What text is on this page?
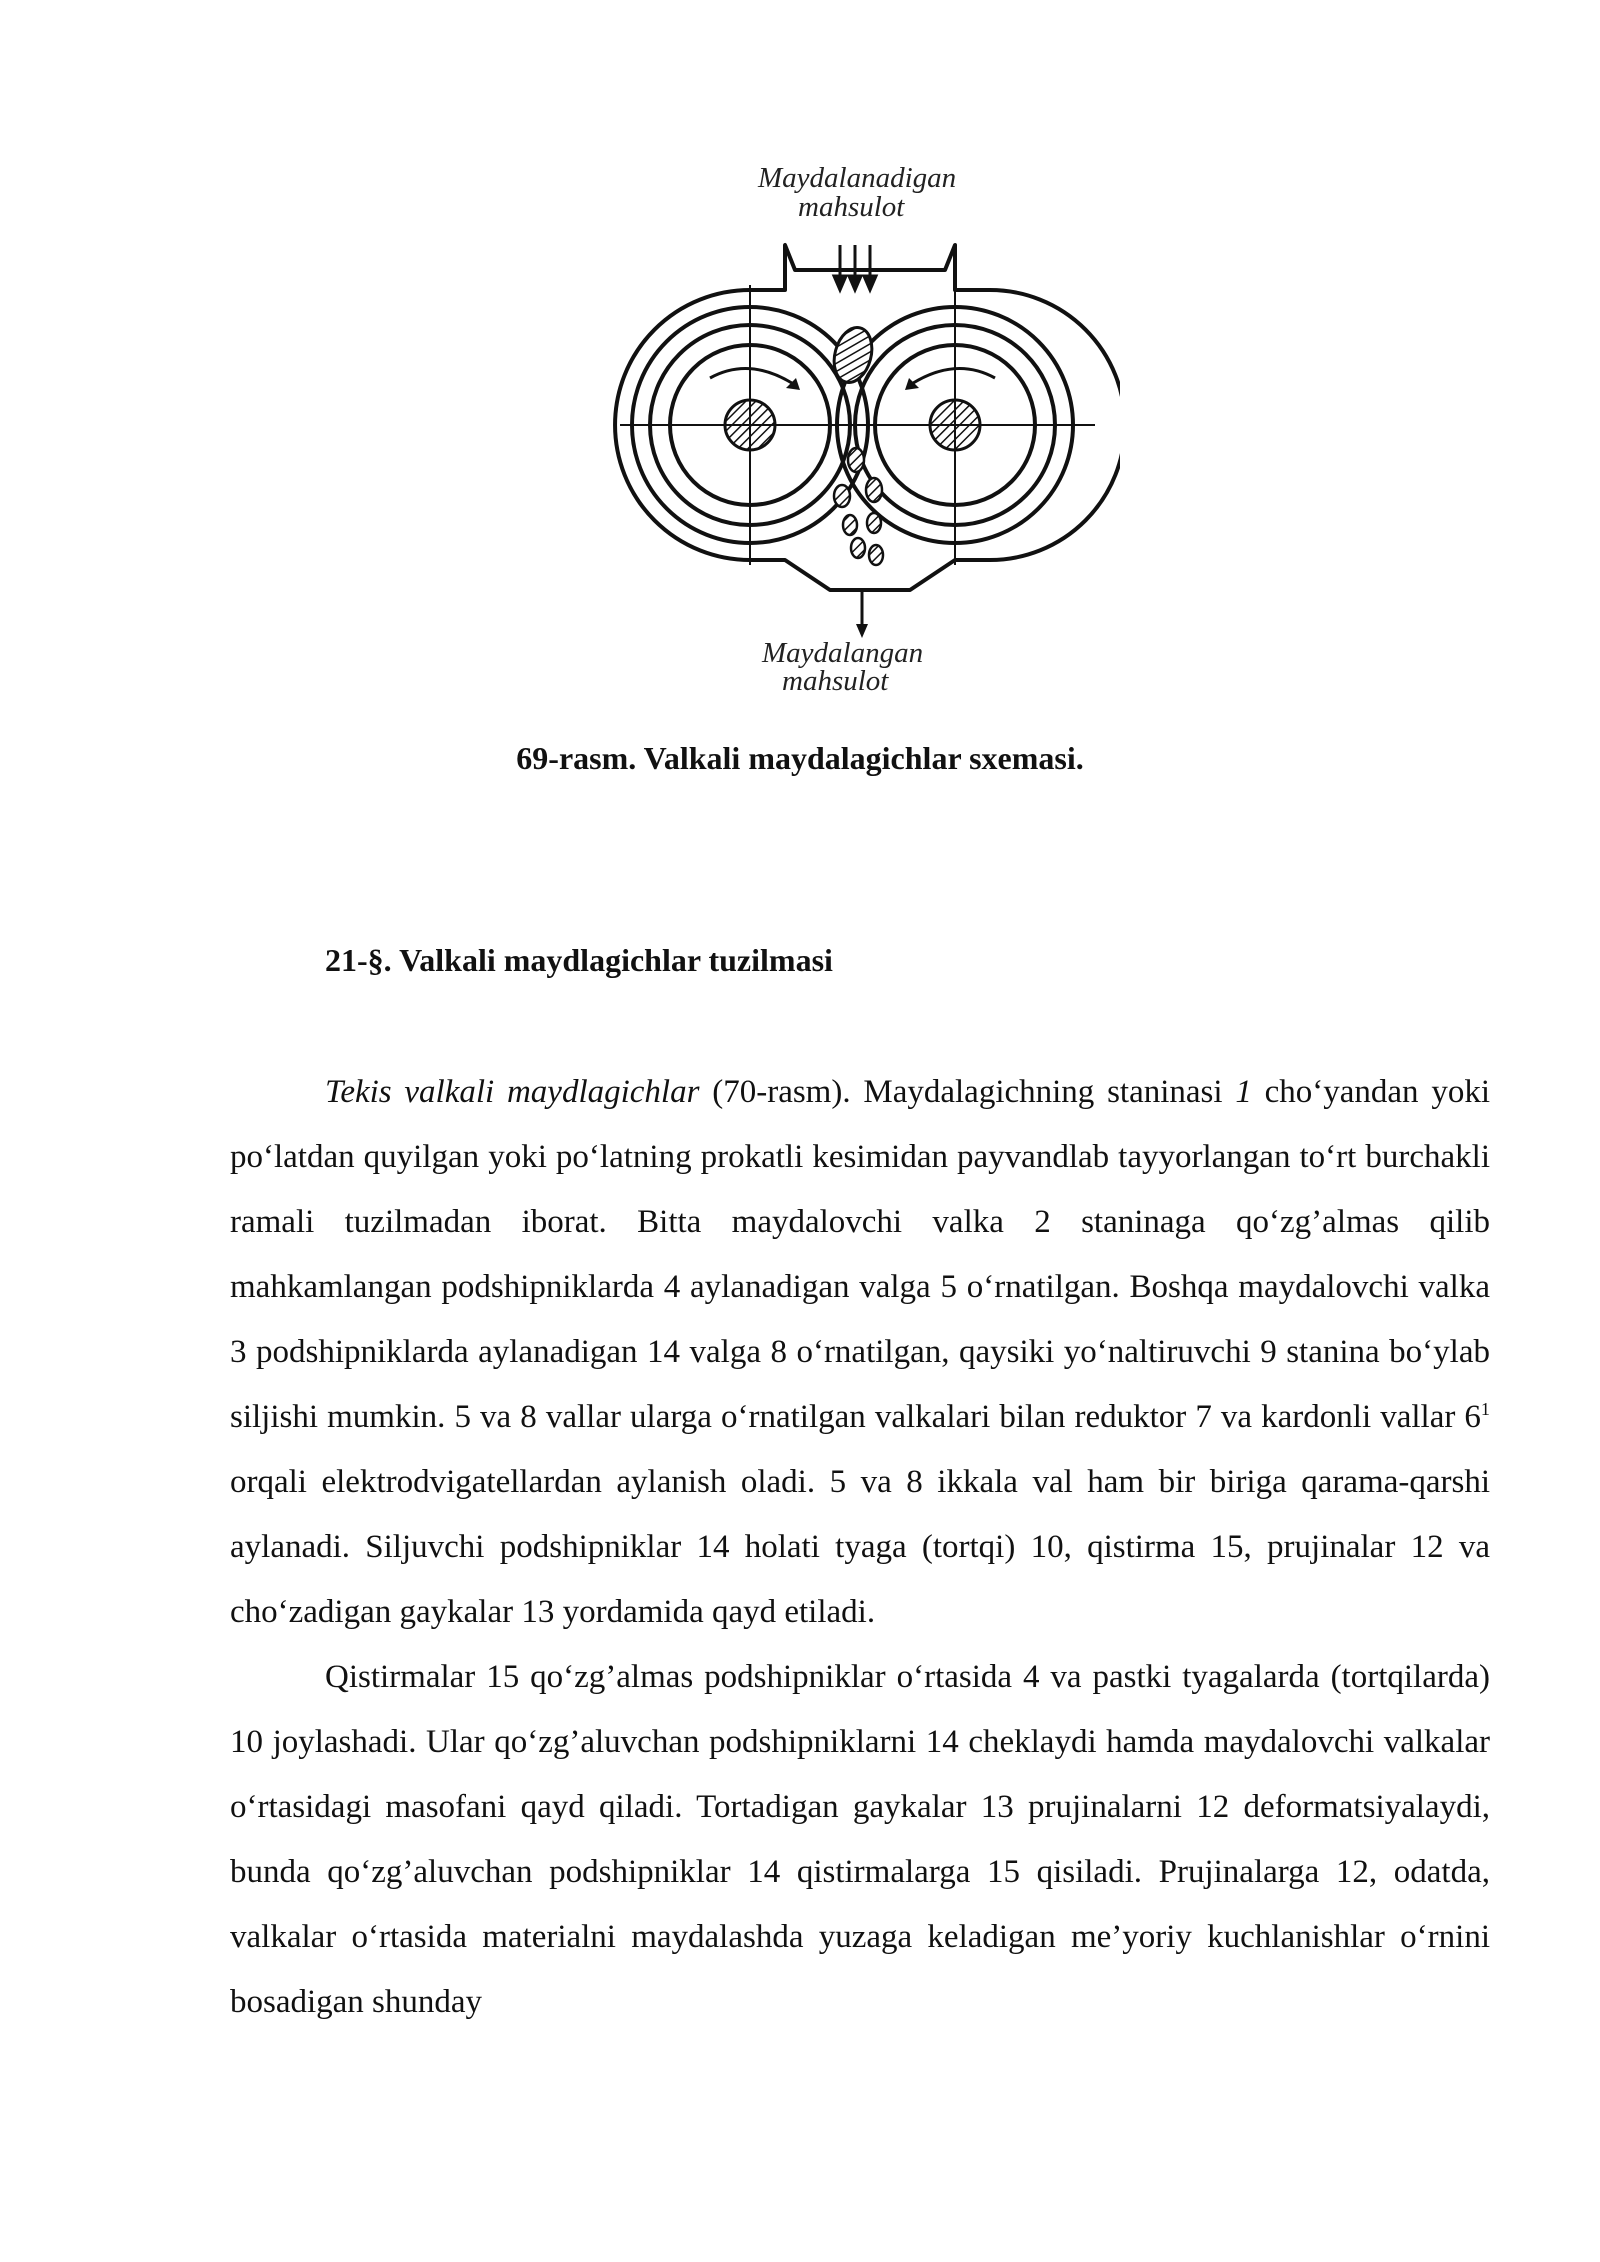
Maydalanadigan
mahsulot
Maydalangan
mahsulot
69-rasm. Valkali maydalagichlar sxemasi.
21-§. Valkali maydlagichlar tuzilmasi

Tekis valkali maydlagichlar (70-rasm). Maydalagichning staninasi 1 cho‘yandan yoki po‘latdan quyilgan yoki po‘latning prokatli kesimidan payvandlab tayyorlangan to‘rt burchakli ramali tuzilmadan iborat. Bitta maydalovchi valka 2 staninaga qo‘zg’almas qilib mahkamlangan podshipniklarda 4 aylanadigan valga 5 o‘rnatilgan. Boshqa maydalovchi valka 3 podshipniklarda aylanadigan 14 valga 8 o‘rnatilgan, qaysiki yo‘naltiruvchi 9 stanina bo‘ylab siljishi mumkin. 5 va 8 vallar ularga o‘rnatilgan valkalari bilan reduktor 7 va kardonli vallar $6^1$ orqali elektrodvigatellardan aylanish oladi. 5 va 8 ikkala val ham bir biriga qarama-qarshi aylanadi. Siljuvchi podshipniklar 14 holati tyaga (tortqi) 10, qistirma 15, prujinalar 12 va cho‘zadigan gaykalar 13 yordamida qayd etiladi.

Qistirmalar 15 qo‘zg’almas podshipniklar o‘rtasida 4 va pastki tyagalarda (tortqilarda) 10 joylashadi. Ular qo‘zg’aluvchan podshipniklarni 14 cheklaydi hamda maydalovchi valkalar o‘rtasidagi masofani qayd qiladi. Tortadigan gaykalar 13 prujinalarni 12 deformatsiyalaydi, bunda qo‘zg’aluvchan podshipniklar 14 qistirmalarga 15 qisiladi. Prujinalarga 12, odatda, valkalar o‘rtasida materialni maydalashda yuzaga keladigan me’yoriy kuchlanishlar o‘rnini bosadigan shunday
